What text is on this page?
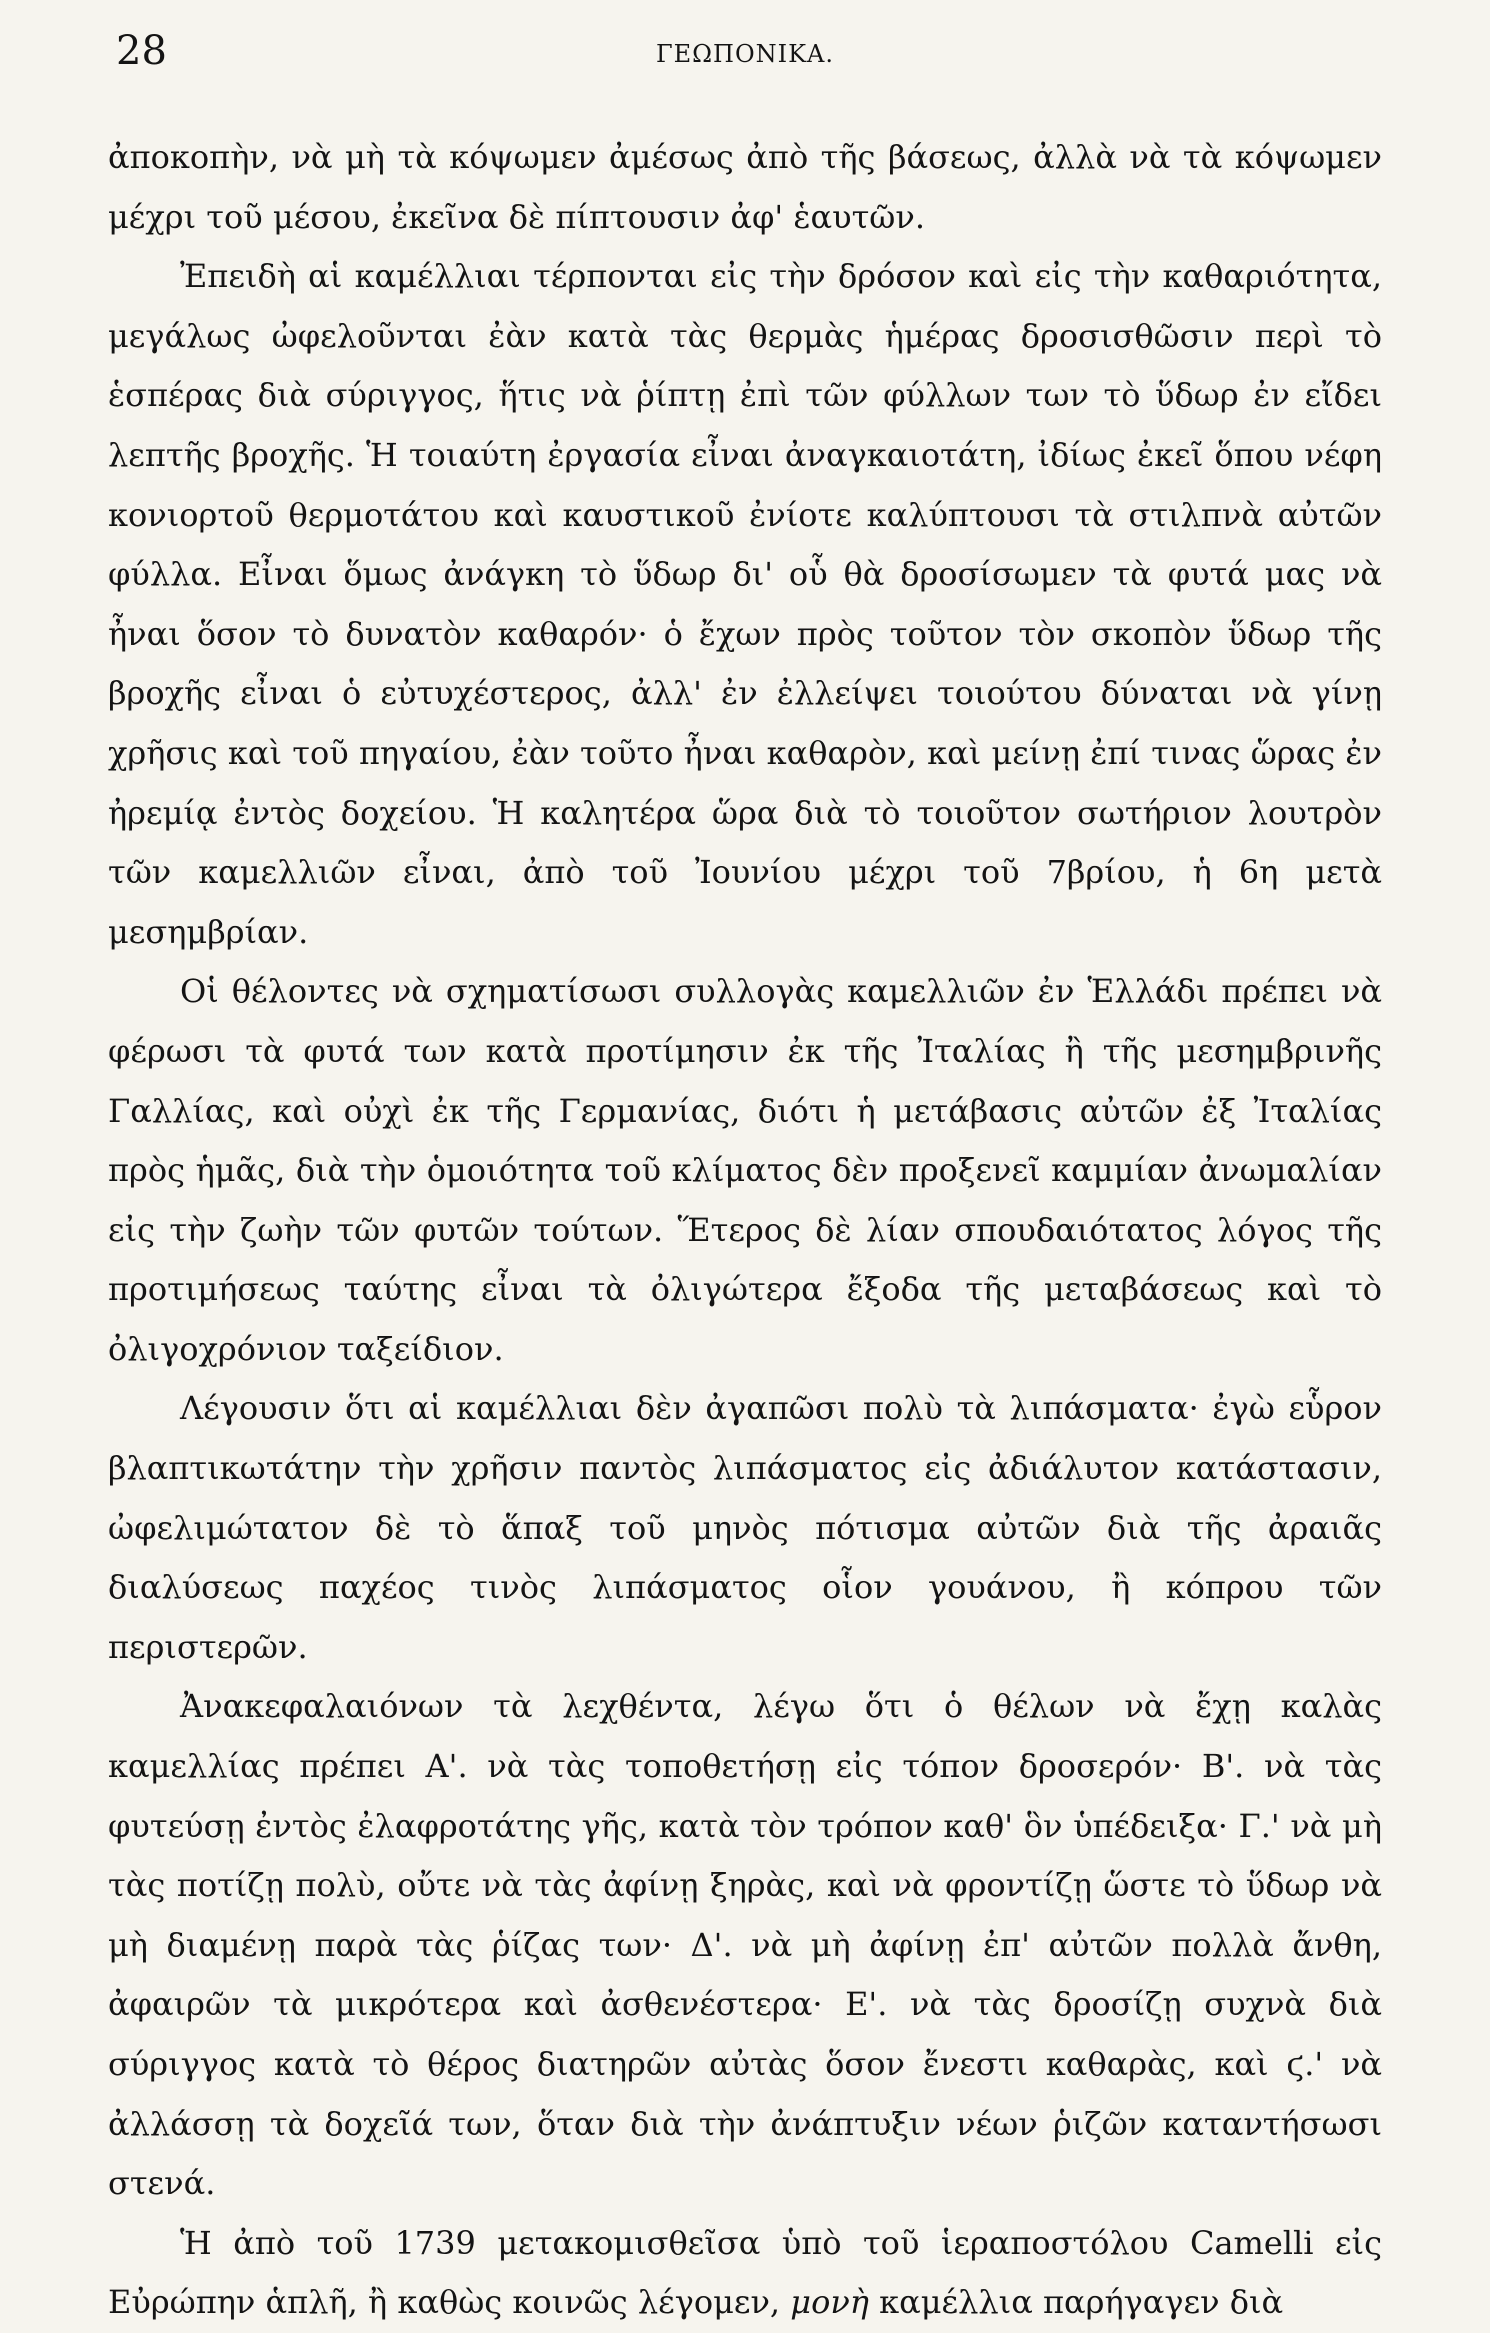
28	ΓΕΩΠΟΝΙΚΑ.

ἀποκοπὴν, νὰ μὴ τὰ κόψωμεν ἀμέσως ἀπὸ τῆς βάσεως, ἀλλὰ νὰ τὰ κόψωμεν μέχρι τοῦ μέσου, ἐκεῖνα δὲ πίπτουσιν ἀφ' ἑαυτῶν.

Ἐπειδὴ αἱ καμέλλιαι τέρπονται εἰς τὴν δρόσον καὶ εἰς τὴν καθαριότητα, μεγάλως ὠφελοῦνται ἐὰν κατὰ τὰς θερμὰς ἡμέρας δροσισθῶσιν περὶ τὸ ἑσπέρας διὰ σύριγγος, ἥτις νὰ ῥίπτῃ ἐπὶ τῶν φύλλων των τὸ ὕδωρ ἐν εἴδει λεπτῆς βροχῆς. Ἡ τοιαύτη ἐργασία εἶναι ἀναγκαιοτάτη, ἰδίως ἐκεῖ ὅπου νέφη κονιορτοῦ θερμοτάτου καὶ καυστικοῦ ἐνίοτε καλύπτουσι τὰ στιλπνὰ αὐτῶν φύλλα. Εἶναι ὅμως ἀνάγκη τὸ ὕδωρ δι' οὗ θὰ δροσίσωμεν τὰ φυτά μας νὰ ἦναι ὅσον τὸ δυνατὸν καθαρόν· ὁ ἔχων πρὸς τοῦτον τὸν σκοπὸν ὕδωρ τῆς βροχῆς εἶναι ὁ εὐτυχέστερος, ἀλλ' ἐν ἐλλείψει τοιούτου δύναται νὰ γίνῃ χρῆσις καὶ τοῦ πηγαίου, ἐὰν τοῦτο ἦναι καθαρὸν, καὶ μείνῃ ἐπί τινας ὥρας ἐν ἠρεμίᾳ ἐντὸς δοχείου. Ἡ καλητέρα ὥρα διὰ τὸ τοιοῦτον σωτήριον λουτρὸν τῶν καμελλιῶν εἶναι, ἀπὸ τοῦ Ἰουνίου μέχρι τοῦ 7βρίου, ἡ 6η μετὰ μεσημβρίαν.

Οἱ θέλοντες νὰ σχηματίσωσι συλλογὰς καμελλιῶν ἐν Ἑλλάδι πρέπει νὰ φέρωσι τὰ φυτά των κατὰ προτίμησιν ἐκ τῆς Ἰταλίας ἢ τῆς μεσημβρινῆς Γαλλίας, καὶ οὐχὶ ἐκ τῆς Γερμανίας, διότι ἡ μετάβασις αὐτῶν ἐξ Ἰταλίας πρὸς ἡμᾶς, διὰ τὴν ὁμοιότητα τοῦ κλίματος δὲν προξενεῖ καμμίαν ἀνωμαλίαν εἰς τὴν ζωὴν τῶν φυτῶν τούτων. Ἕτερος δὲ λίαν σπουδαιότατος λόγος τῆς προτιμήσεως ταύτης εἶναι τὰ ὀλιγώτερα ἔξοδα τῆς μεταβάσεως καὶ τὸ ὀλιγοχρόνιον ταξείδιον.

Λέγουσιν ὅτι αἱ καμέλλιαι δὲν ἀγαπῶσι πολὺ τὰ λιπάσματα· ἐγὼ εὗρον βλαπτικωτάτην τὴν χρῆσιν παντὸς λιπάσματος εἰς ἀδιάλυτον κατάστασιν, ὠφελιμώτατον δὲ τὸ ἅπαξ τοῦ μηνὸς πότισμα αὐτῶν διὰ τῆς ἀραιᾶς διαλύσεως παχέος τινὸς λιπάσματος οἷον γουάνου, ἢ κόπρου τῶν περιστερῶν.

Ἀνακεφαλαιόνων τὰ λεχθέντα, λέγω ὅτι ὁ θέλων νὰ ἔχῃ καλὰς καμελλίας πρέπει Α'. νὰ τὰς τοποθετήσῃ εἰς τόπον δροσερόν· Β'. νὰ τὰς φυτεύσῃ ἐντὸς ἐλαφροτάτης γῆς, κατὰ τὸν τρόπον καθ' ὃν ὑπέδειξα· Γ.' νὰ μὴ τὰς ποτίζῃ πολὺ, οὔτε νὰ τὰς ἀφίνῃ ξηρὰς, καὶ νὰ φροντίζῃ ὥστε τὸ ὕδωρ νὰ μὴ διαμένῃ παρὰ τὰς ῥίζας των· Δ'. νὰ μὴ ἀφίνῃ ἐπ' αὐτῶν πολλὰ ἄνθη, ἀφαιρῶν τὰ μικρότερα καὶ ἀσθενέστερα· Ε'. νὰ τὰς δροσίζῃ συχνὰ διὰ σύριγγος κατὰ τὸ θέρος διατηρῶν αὐτὰς ὅσον ἔνεστι καθαρὰς, καὶ ϛ.' νὰ ἀλλάσσῃ τὰ δοχεῖά των, ὅταν διὰ τὴν ἀνάπτυξιν νέων ῥιζῶν καταντήσωσι στενά.

Ἡ ἀπὸ τοῦ 1739 μετακομισθεῖσα ὑπὸ τοῦ ἱεραποστόλου Camelli εἰς Εὐρώπην ἁπλῆ, ἢ καθὼς κοινῶς λέγομεν, μονὴ καμέλλια παρήγαγεν διὰ
